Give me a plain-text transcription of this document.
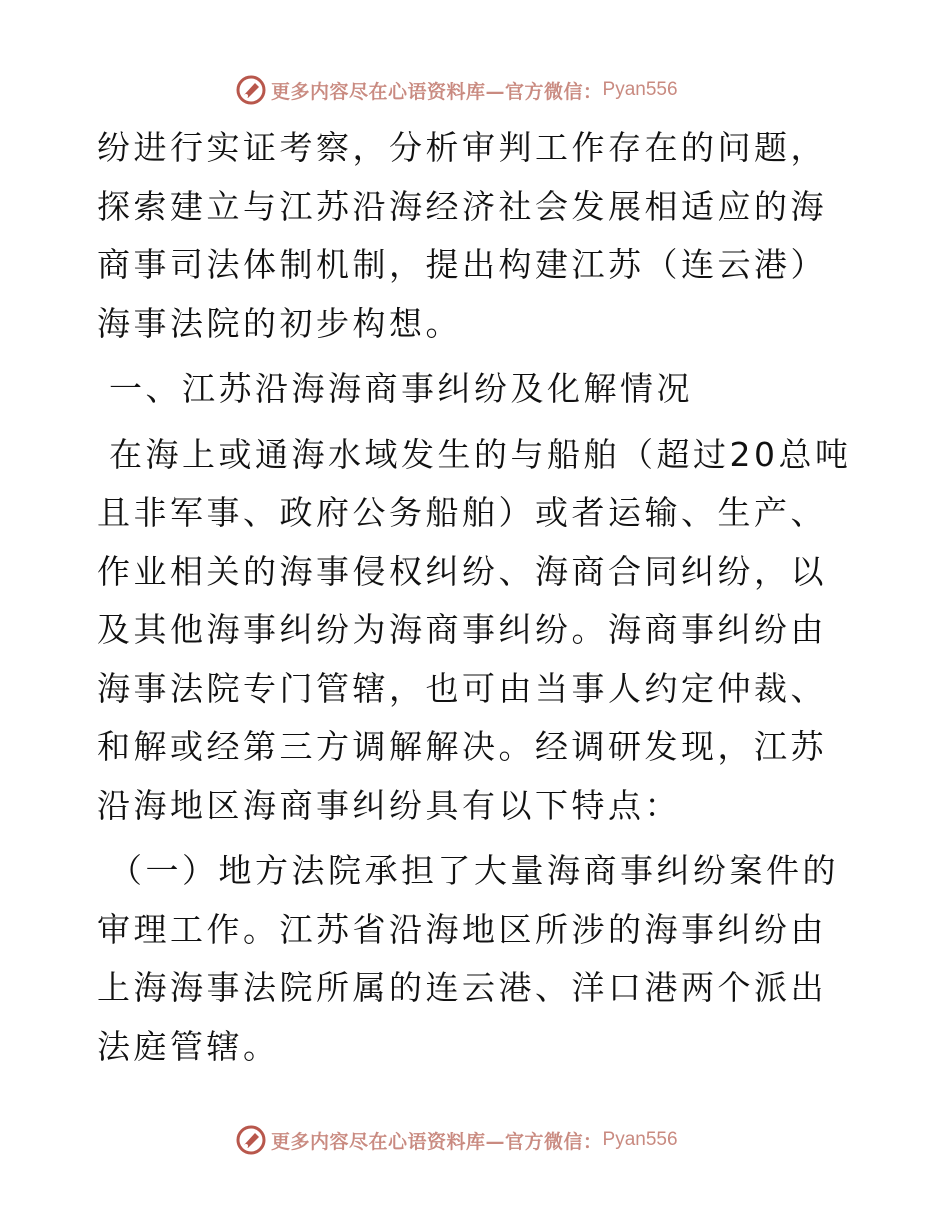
更多内容尽在心语资料库—官方微信： Pyan556

纷进行实证考察，分析审判工作存在的问题，探索建立与江苏沿海经济社会发展相适应的海商事司法体制机制，提出构建江苏（连云港）海事法院的初步构想。

一、江苏沿海海商事纠纷及化解情况

在海上或通海水域发生的与船舶（超过20总吨且非军事、政府公务船舶）或者运输、生产、作业相关的海事侵权纠纷、海商合同纠纷，以及其他海事纠纷为海商事纠纷。海商事纠纷由海事法院专门管辖，也可由当事人约定仲裁、和解或经第三方调解解决。经调研发现，江苏沿海地区海商事纠纷具有以下特点：

（一）地方法院承担了大量海商事纠纷案件的审理工作。江苏省沿海地区所涉的海事纠纷由上海海事法院所属的连云港、洋口港两个派出法庭管辖。

更多内容尽在心语资料库—官方微信： Pyan556
